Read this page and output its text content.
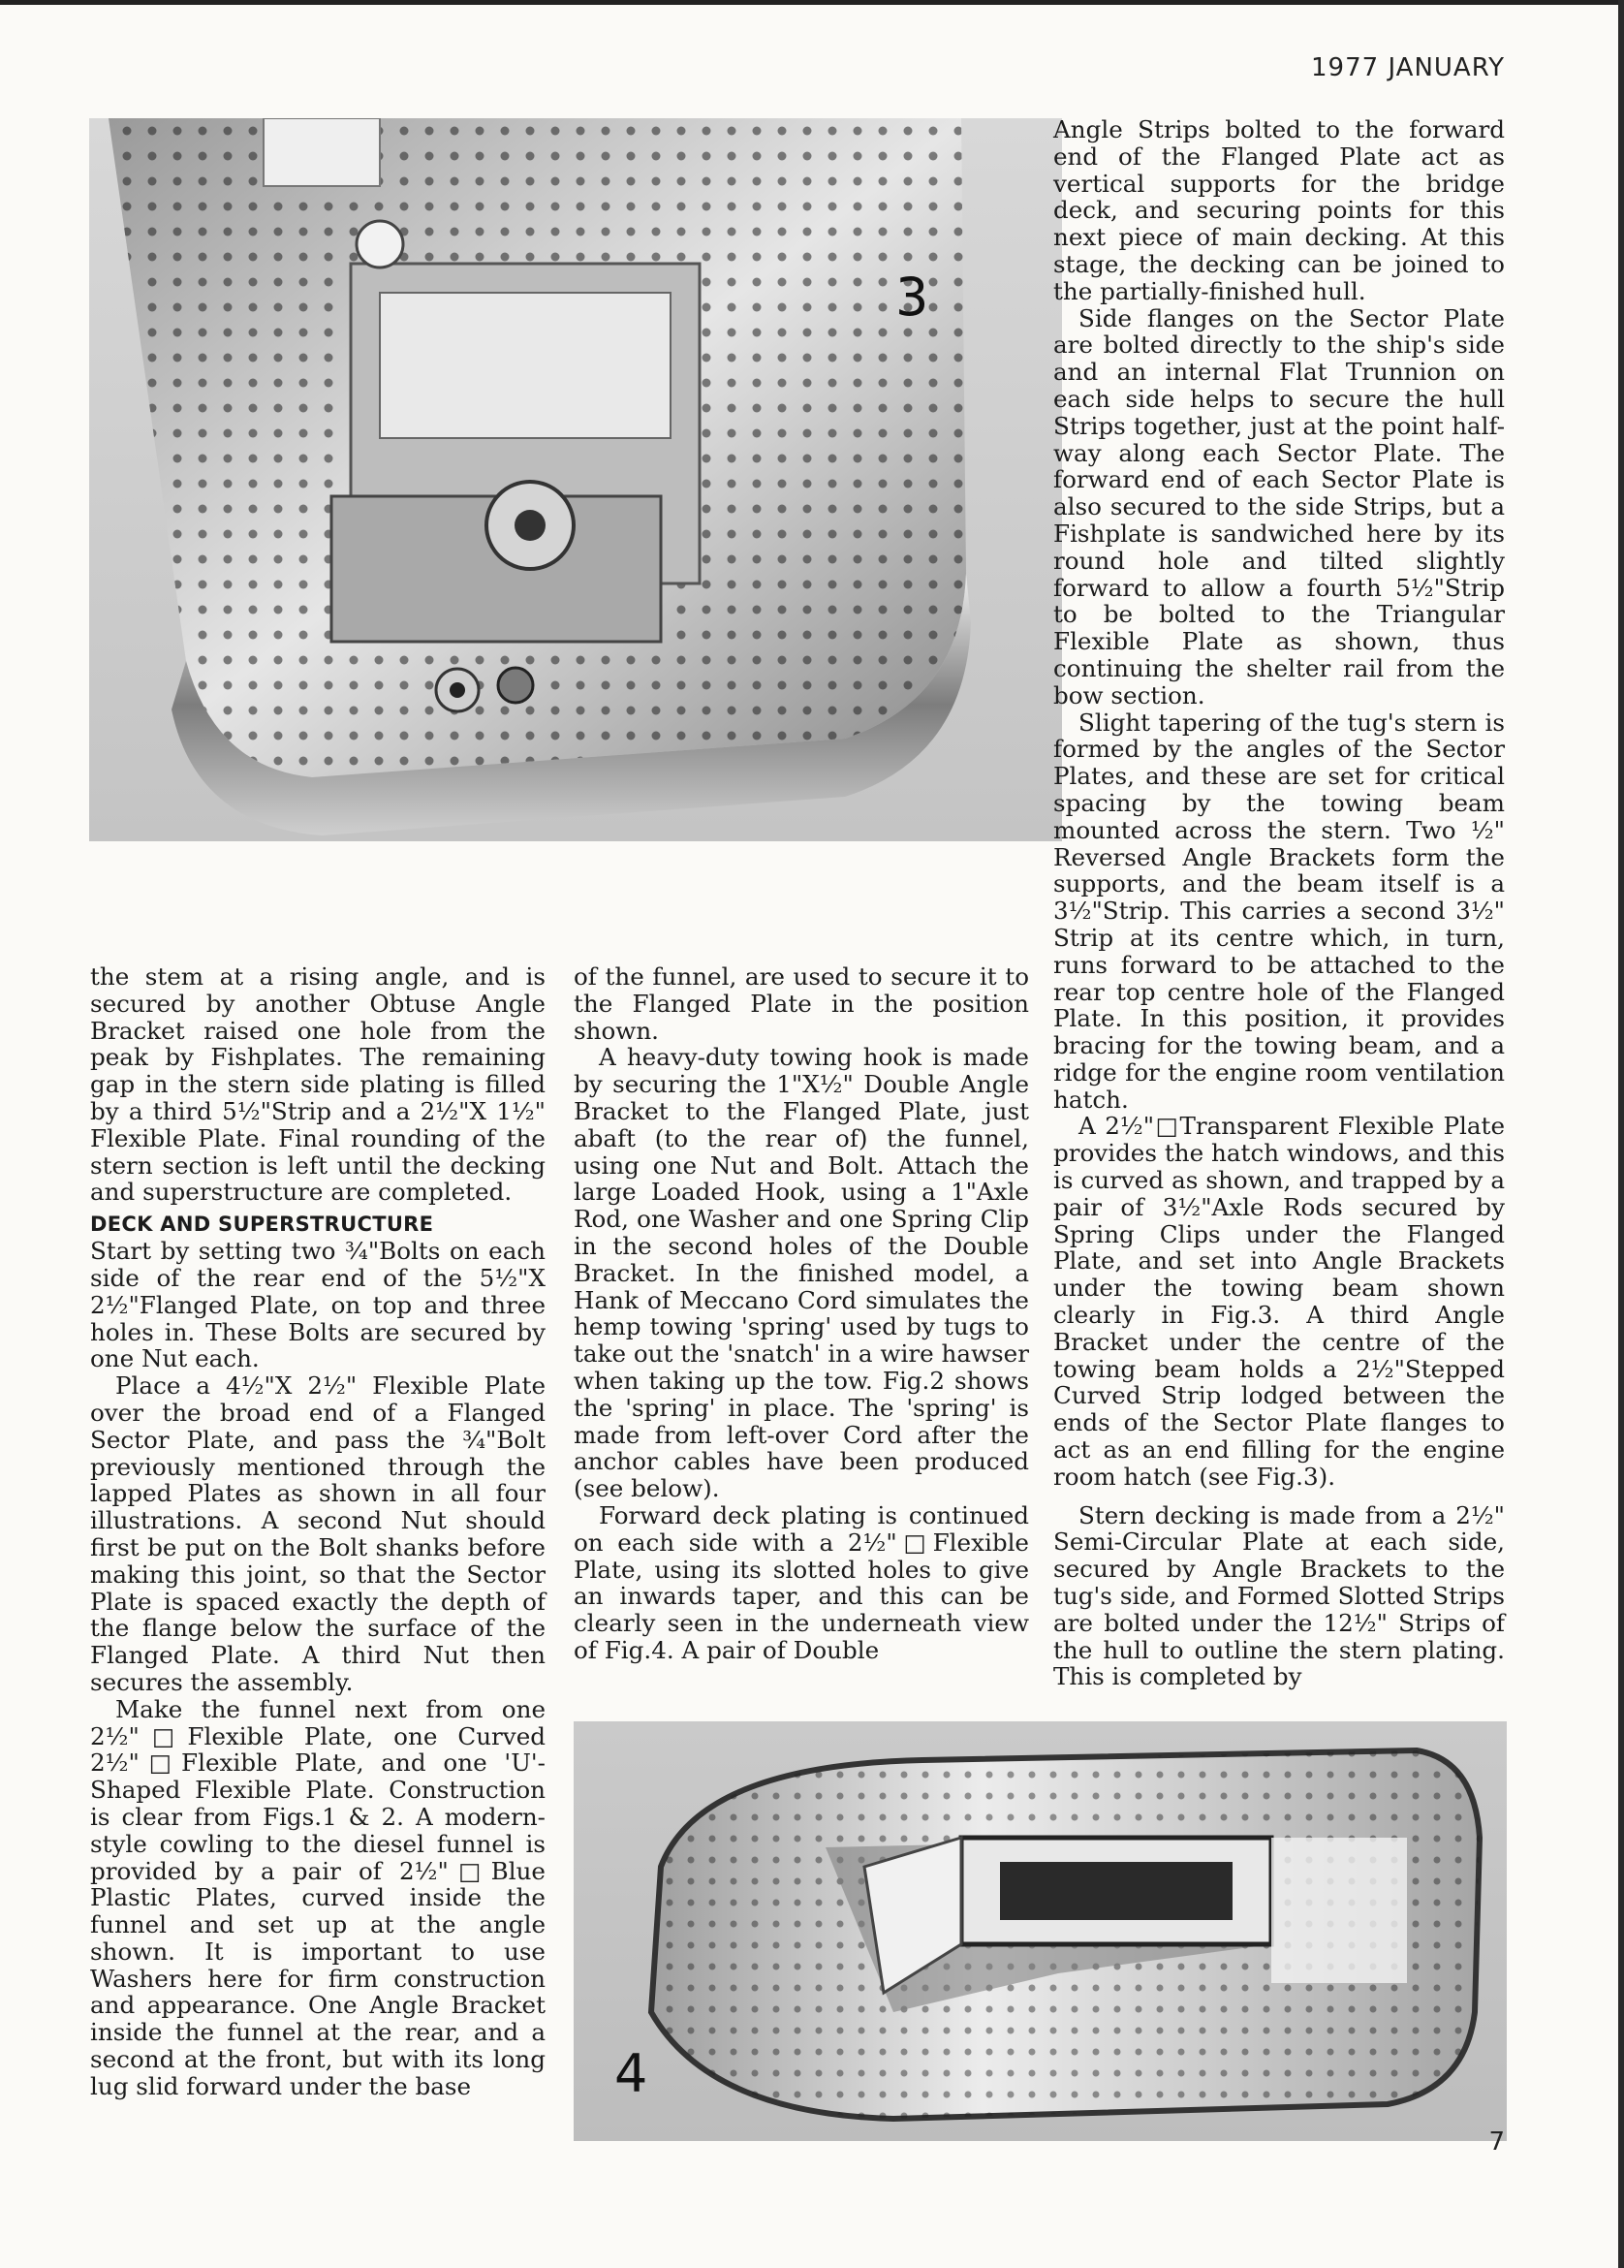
1977 JANUARY
3

the stem at a rising angle, and is secured by another Obtuse Angle Bracket raised one hole from the peak by Fishplates. The remaining gap in the stern side plating is filled by a third 5½"Strip and a 2½"X 1½" Flexible Plate. Final rounding of the stern section is left until the decking and superstructure are completed.

DECK AND SUPERSTRUCTURE

Start by setting two ¾"Bolts on each side of the rear end of the 5½"X 2½"Flanged Plate, on top and three holes in. These Bolts are secured by one Nut each.

Place a 4½"X 2½" Flexible Plate over the broad end of a Flanged Sector Plate, and pass the ¾"Bolt previously mentioned through the lapped Plates as shown in all four illustrations. A second Nut should first be put on the Bolt shanks before making this joint, so that the Sector Plate is spaced exactly the depth of the flange below the surface of the Flanged Plate. A third Nut then secures the assembly.

Make the funnel next from one 2½"□Flexible Plate, one Curved 2½"□Flexible Plate, and one 'U'-Shaped Flexible Plate. Construction is clear from Figs.1 & 2. A modern-style cowling to the diesel funnel is provided by a pair of 2½"□Blue Plastic Plates, curved inside the funnel and set up at the angle shown. It is important to use Washers here for firm construction and appearance. One Angle Bracket inside the funnel at the rear, and a second at the front, but with its long lug slid forward under the base

of the funnel, are used to secure it to the Flanged Plate in the position shown.

A heavy-duty towing hook is made by securing the 1"X½" Double Angle Bracket to the Flanged Plate, just abaft (to the rear of) the funnel, using one Nut and Bolt. Attach the large Loaded Hook, using a 1"Axle Rod, one Washer and one Spring Clip in the second holes of the Double Bracket. In the finished model, a Hank of Meccano Cord simulates the hemp towing 'spring' used by tugs to take out the 'snatch' in a wire hawser when taking up the tow. Fig.2 shows the 'spring' in place. The 'spring' is made from left-over Cord after the anchor cables have been produced (see below).

Forward deck plating is continued on each side with a 2½"□Flexible Plate, using its slotted holes to give an inwards taper, and this can be clearly seen in the underneath view of Fig.4. A pair of Double

Angle Strips bolted to the forward end of the Flanged Plate act as vertical supports for the bridge deck, and securing points for this next piece of main decking. At this stage, the decking can be joined to the partially-finished hull.

Side flanges on the Sector Plate are bolted directly to the ship's side and an internal Flat Trunnion on each side helps to secure the hull Strips together, just at the point half-way along each Sector Plate. The forward end of each Sector Plate is also secured to the side Strips, but a Fishplate is sandwiched here by its round hole and tilted slightly forward to allow a fourth 5½"Strip to be bolted to the Triangular Flexible Plate as shown, thus continuing the shelter rail from the bow section.

Slight tapering of the tug's stern is formed by the angles of the Sector Plates, and these are set for critical spacing by the towing beam mounted across the stern. Two ½" Reversed Angle Brackets form the supports, and the beam itself is a 3½"Strip. This carries a second 3½" Strip at its centre which, in turn, runs forward to be attached to the rear top centre hole of the Flanged Plate. In this position, it provides bracing for the towing beam, and a ridge for the engine room ventilation hatch.

A 2½"□Transparent Flexible Plate provides the hatch windows, and this is curved as shown, and trapped by a pair of 3½"Axle Rods secured by Spring Clips under the Flanged Plate, and set into Angle Brackets under the towing beam shown clearly in Fig.3. A third Angle Bracket under the centre of the towing beam holds a 2½"Stepped Curved Strip lodged between the ends of the Sector Plate flanges to act as an end filling for the engine room hatch (see Fig.3).

Stern decking is made from a 2½" Semi-Circular Plate at each side, secured by Angle Brackets to the tug's side, and Formed Slotted Strips are bolted under the 12½" Strips of the hull to outline the stern plating. This is completed by

4
7
